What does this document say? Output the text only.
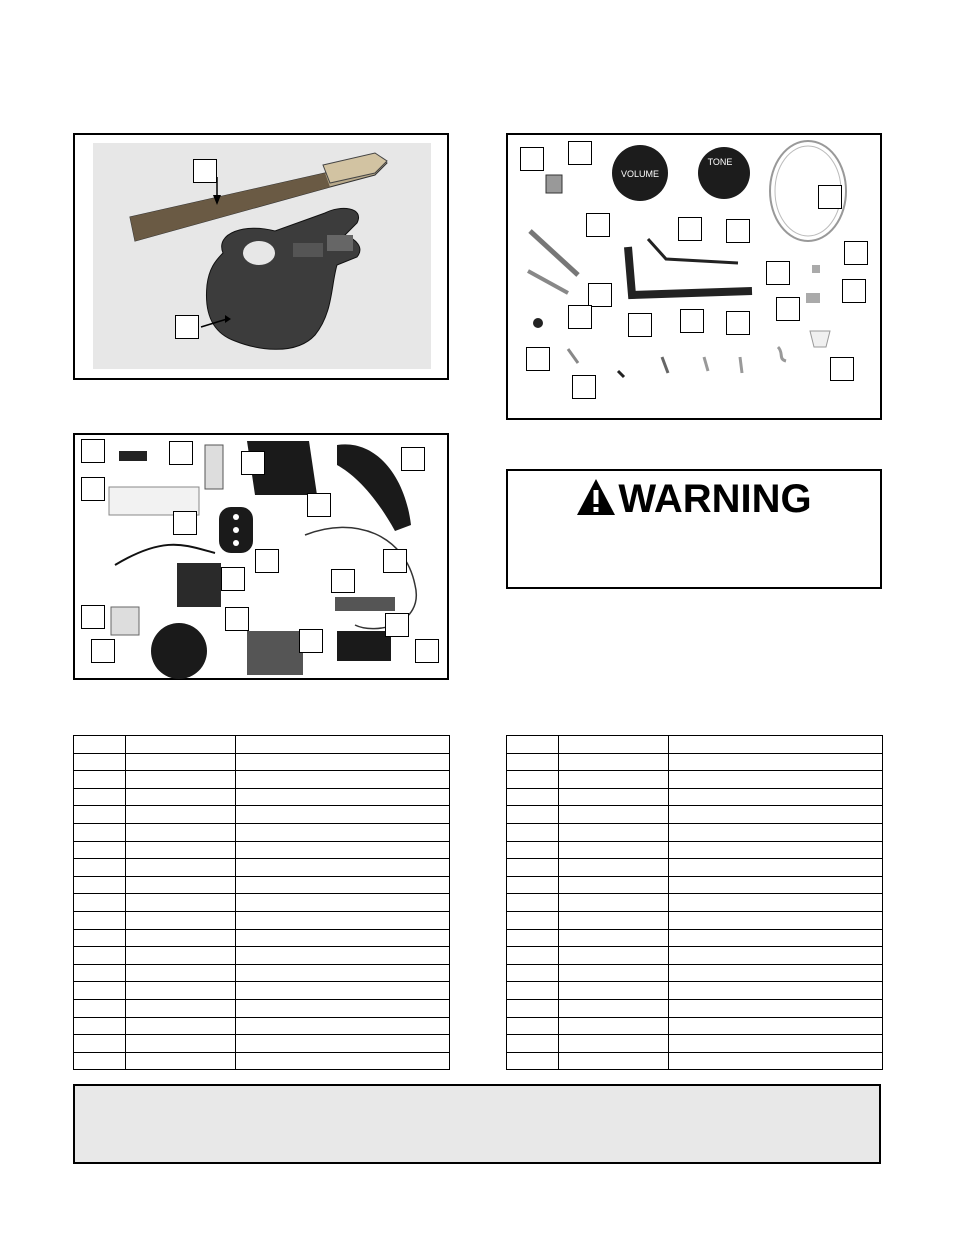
VOLUME
TONE
WARNING
